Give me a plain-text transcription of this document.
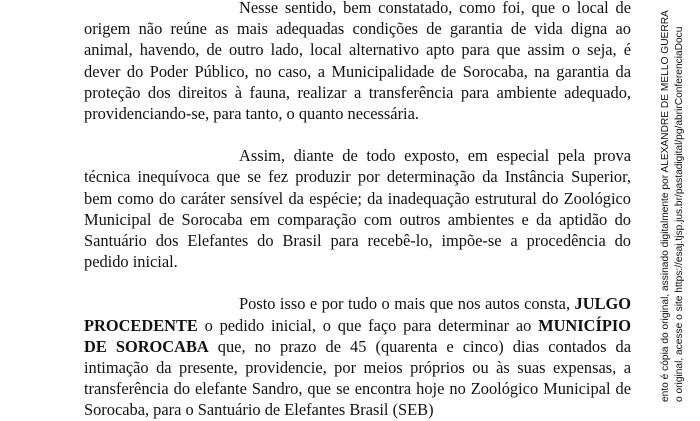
Nesse sentido, bem constatado, como foi, que o local de origem não reúne as mais adequadas condições de garantia de vida digna ao animal, havendo, de outro lado, local alternativo apto para que assim o seja, é dever do Poder Público, no caso, a Municipalidade de Sorocaba, na garantia da proteção dos direitos à fauna, realizar a transferência para ambiente adequado, providenciando-se, para tanto, o quanto necessária.

Assim, diante de todo exposto, em especial pela prova técnica inequívoca que se fez produzir por determinação da Instância Superior, bem como do caráter sensível da espécie; da inadequação estrutural do Zoológico Municipal de Sorocaba em comparação com outros ambientes e da aptidão do Santuário dos Elefantes do Brasil para recebê-lo, impõe-se a procedência do pedido inicial.

Posto isso e por tudo o mais que nos autos consta, JULGO PROCEDENTE o pedido inicial, o que faço para determinar ao MUNICÍPIO DE SOROCABA que, no prazo de 45 (quarenta e cinco) dias contados da intimação da presente, providencie, por meios próprios ou às suas expensas, a transferência do elefante Sandro, que se encontra hoje no Zoológico Municipal de Sorocaba, para o Santuário de Elefantes Brasil (SEB)

ento é cópia do original, assinado digitalmente por ALEXANDRE DE MELLO GUERRA o original, acesse o site https://esaj.tjsp.jus.br/pastadigital/pg/abrirConferenciaDocu
